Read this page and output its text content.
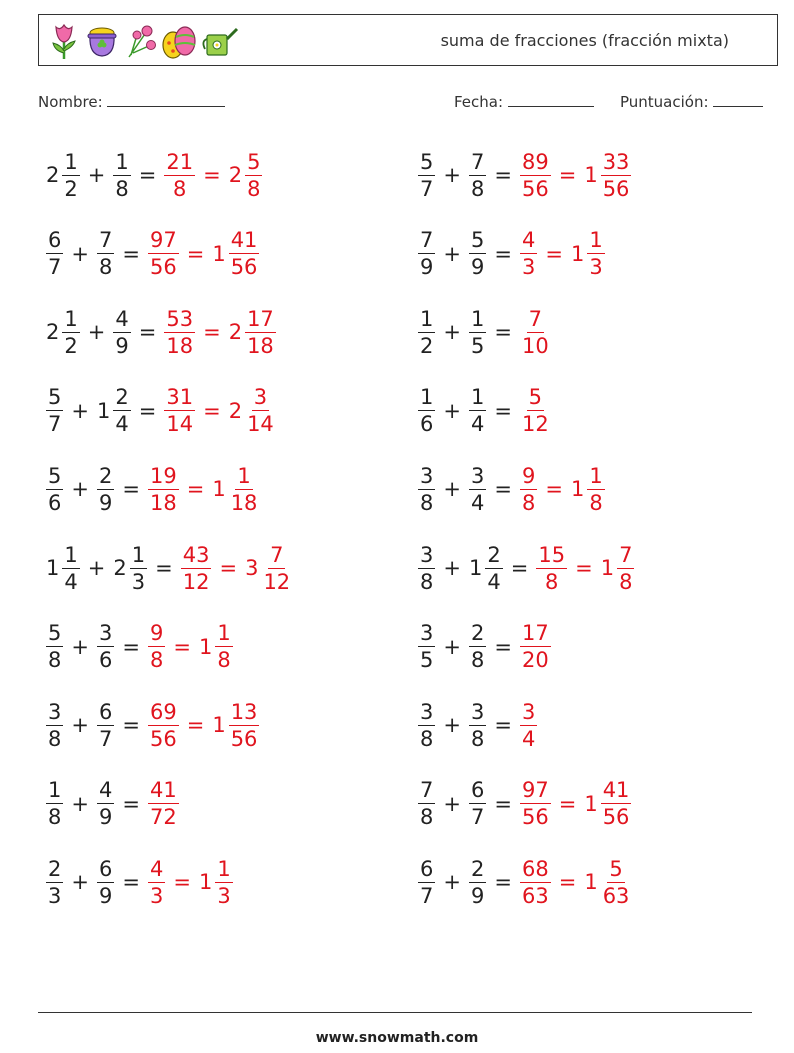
suma de fracciones (fracción mixta)
Nombre:	Fecha:	Puntuación:
$2 \frac{1}{2} + \frac{1}{8} = \frac{21}{8} = 2 \frac{5}{8}$	$\frac{5}{7} + \frac{7}{8} = \frac{89}{56} = 1 \frac{33}{56}$
$\frac{6}{7} + \frac{7}{8} = \frac{97}{56} = 1 \frac{41}{56}$	$\frac{7}{9} + \frac{5}{9} = \frac{4}{3} = 1 \frac{1}{3}$
$2 \frac{1}{2} + \frac{4}{9} = \frac{53}{18} = 2 \frac{17}{18}$	$\frac{1}{2} + \frac{1}{5} = \frac{7}{10}$
$\frac{5}{7} + 1 \frac{2}{4} = \frac{31}{14} = 2 \frac{3}{14}$	$\frac{1}{6} + \frac{1}{4} = \frac{5}{12}$
$\frac{5}{6} + \frac{2}{9} = \frac{19}{18} = 1 \frac{1}{18}$	$\frac{3}{8} + \frac{3}{4} = \frac{9}{8} = 1 \frac{1}{8}$
$1 \frac{1}{4} + 2 \frac{1}{3} = \frac{43}{12} = 3 \frac{7}{12}$	$\frac{3}{8} + 1 \frac{2}{4} = \frac{15}{8} = 1 \frac{7}{8}$
$\frac{5}{8} + \frac{3}{6} = \frac{9}{8} = 1 \frac{1}{8}$	$\frac{3}{5} + \frac{2}{8} = \frac{17}{20}$
$\frac{3}{8} + \frac{6}{7} = \frac{69}{56} = 1 \frac{13}{56}$	$\frac{3}{8} + \frac{3}{8} = \frac{3}{4}$
$\frac{1}{8} + \frac{4}{9} = \frac{41}{72}$	$\frac{7}{8} + \frac{6}{7} = \frac{97}{56} = 1 \frac{41}{56}$
$\frac{2}{3} + \frac{6}{9} = \frac{4}{3} = 1 \frac{1}{3}$	$\frac{6}{7} + \frac{2}{9} = \frac{68}{63} = 1 \frac{5}{63}$
www.snowmath.com
